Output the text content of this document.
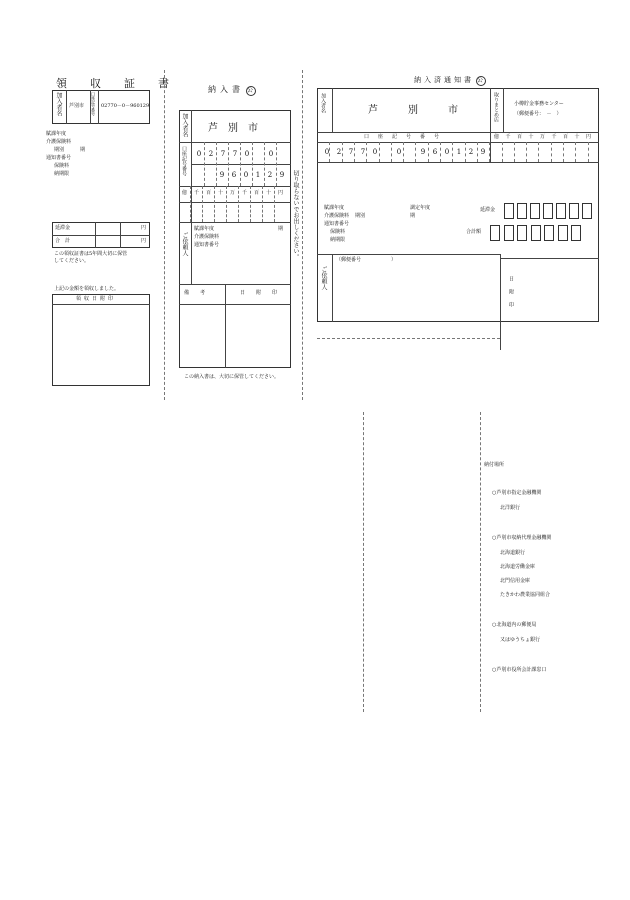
領　収　証　書
加入者名 芦別市 口座記号番号 02770－0－960129
賦課年度
介護保険料
期別	期
通知書番号
保険料
納期限
延滞金	円
合　計	円
この領収証書は5年間大切に保管
してください。
上記の金額を領収しました。
領収日附印
納入書 公
加入者名 芦　別　市
口座記号番号
億
ご依頼人
賦課年度	期
介護保険料
通知書番号
備　考	日　附　印
この納入書は、大切に保管してください。
切り取らないでお出しください。
納入済通知書 公
加入者名	芦　　　別　　　市	取りまとめ店	小樽貯金事務センター
（郵便番号：　－　）
口　座　記　号　番　号
賦課年度
介護保険料 期別
通知書番号
保険料
納期限
調定年度
期
延滞金
合計額
ご依頼人
（郵便番号　　　　　　）
日附印
納付場所
0	2	7	7	0	0
9	6	0	1	2	9
千 百 十 万 千 百 十 円
億 千 百 十 万 千 百 十 円
0	2	7	7	0	0	9	6	0	1	2	9
○芦別市指定金融機関
北洋銀行
○芦別市収納代理金融機関
北海道銀行
北海道労働金庫
北門信用金庫
たきかわ農業協同組合
○北海道内の郵便局
又はゆうちょ銀行
○芦別市役所会計課窓口
